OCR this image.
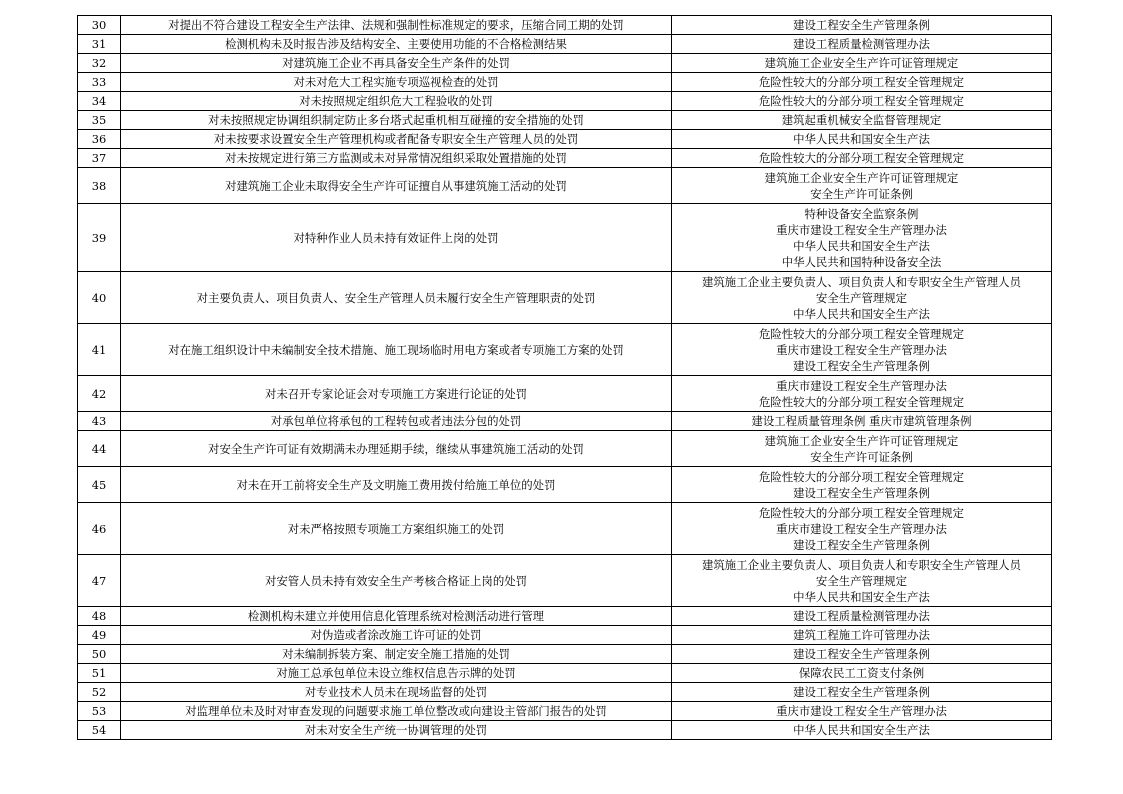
30	对提出不符合建设工程安全生产法律、法规和强制性标准规定的要求，压缩合同工期的处罚	建设工程安全生产管理条例

31	检测机构未及时报告涉及结构安全、主要使用功能的不合格检测结果	建设工程质量检测管理办法

32	对建筑施工企业不再具备安全生产条件的处罚	建筑施工企业安全生产许可证管理规定

33	对未对危大工程实施专项巡视检查的处罚	危险性较大的分部分项工程安全管理规定

34	对未按照规定组织危大工程验收的处罚	危险性较大的分部分项工程安全管理规定

35	对未按照规定协调组织制定防止多台塔式起重机相互碰撞的安全措施的处罚	建筑起重机械安全监督管理规定

36	对未按要求设置安全生产管理机构或者配备专职安全生产管理人员的处罚	中华人民共和国安全生产法

37	对未按规定进行第三方监测或未对异常情况组织采取处置措施的处罚	危险性较大的分部分项工程安全管理规定

38	对建筑施工企业未取得安全生产许可证擅自从事建筑施工活动的处罚	建筑施工企业安全生产许可证管理规定
安全生产许可证条例

39	对特种作业人员未持有效证件上岗的处罚	特种设备安全监察条例
重庆市建设工程安全生产管理办法
中华人民共和国安全生产法
中华人民共和国特种设备安全法

40	对主要负责人、项目负责人、安全生产管理人员未履行安全生产管理职责的处罚	建筑施工企业主要负责人、项目负责人和专职安全生产管理人员
安全生产管理规定
中华人民共和国安全生产法

41	对在施工组织设计中未编制安全技术措施、施工现场临时用电方案或者专项施工方案的处罚	危险性较大的分部分项工程安全管理规定
重庆市建设工程安全生产管理办法
建设工程安全生产管理条例

42	对未召开专家论证会对专项施工方案进行论证的处罚	重庆市建设工程安全生产管理办法
危险性较大的分部分项工程安全管理规定

43	对承包单位将承包的工程转包或者违法分包的处罚	建设工程质量管理条例 重庆市建筑管理条例

44	对安全生产许可证有效期满未办理延期手续，继续从事建筑施工活动的处罚	建筑施工企业安全生产许可证管理规定
安全生产许可证条例

45	对未在开工前将安全生产及文明施工费用拨付给施工单位的处罚	危险性较大的分部分项工程安全管理规定
建设工程安全生产管理条例

46	对未严格按照专项施工方案组织施工的处罚	危险性较大的分部分项工程安全管理规定
重庆市建设工程安全生产管理办法
建设工程安全生产管理条例

47	对安管人员未持有效安全生产考核合格证上岗的处罚	建筑施工企业主要负责人、项目负责人和专职安全生产管理人员
安全生产管理规定
中华人民共和国安全生产法

48	检测机构未建立并使用信息化管理系统对检测活动进行管理	建设工程质量检测管理办法

49	对伪造或者涂改施工许可证的处罚	建筑工程施工许可管理办法

50	对未编制拆装方案、制定安全施工措施的处罚	建设工程安全生产管理条例

51	对施工总承包单位未设立维权信息告示牌的处罚	保障农民工工资支付条例

52	对专业技术人员未在现场监督的处罚	建设工程安全生产管理条例

53	对监理单位未及时对审查发现的问题要求施工单位整改或向建设主管部门报告的处罚	重庆市建设工程安全生产管理办法

54	对未对安全生产统一协调管理的处罚	中华人民共和国安全生产法
